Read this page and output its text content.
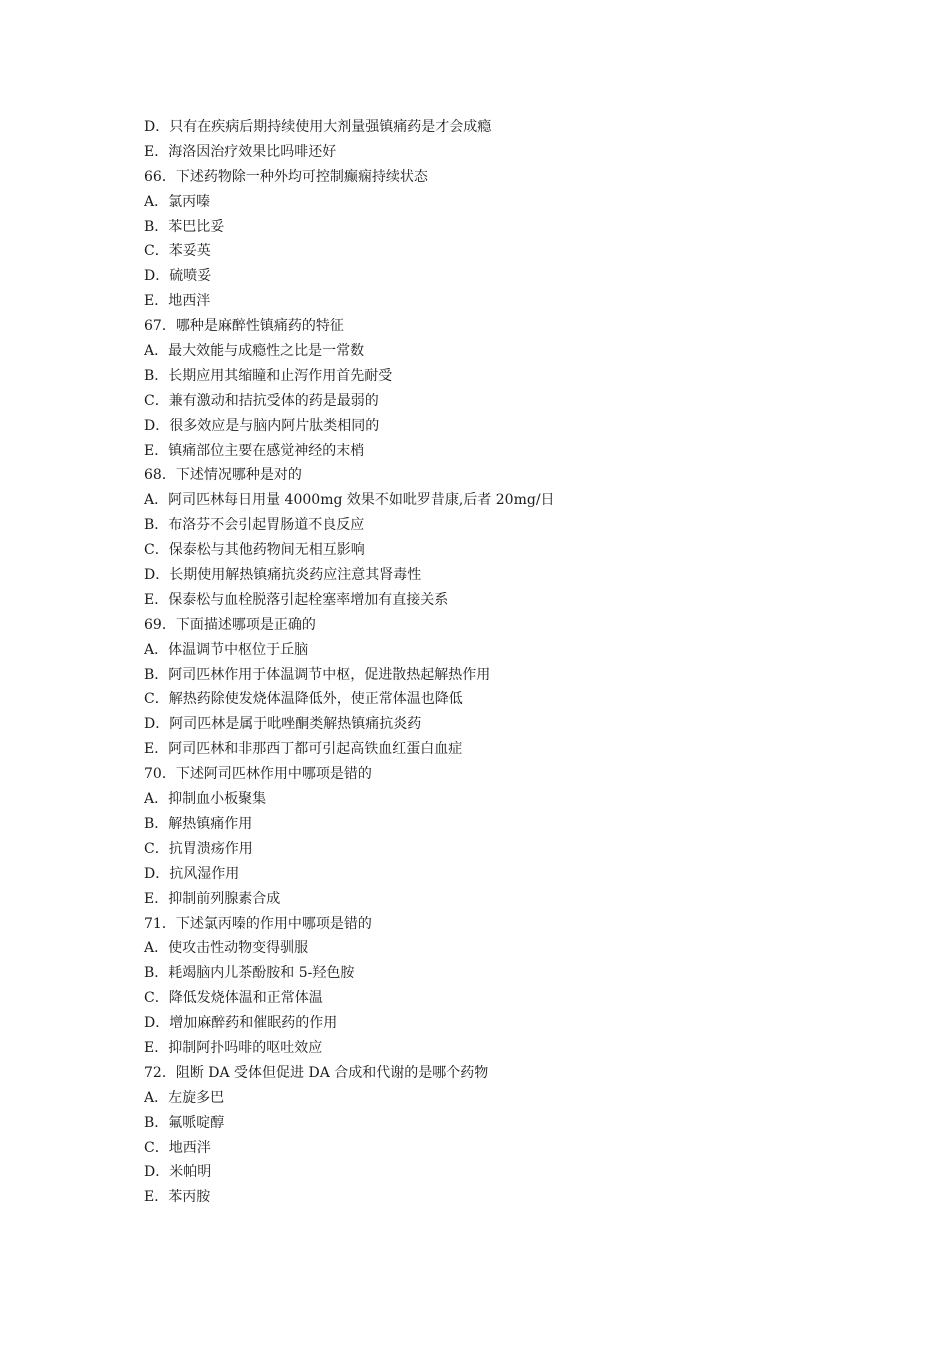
D．只有在疾病后期持续使用大剂量强镇痛药是才会成瘾
E．海洛因治疗效果比吗啡还好
66．下述药物除一种外均可控制癫痫持续状态
A．氯丙嗪
B．苯巴比妥
C．苯妥英
D．硫喷妥
E．地西泮
67．哪种是麻醉性镇痛药的特征
A．最大效能与成瘾性之比是一常数
B．长期应用其缩瞳和止泻作用首先耐受
C．兼有激动和拮抗受体的药是最弱的
D．很多效应是与脑内阿片肽类相同的
E．镇痛部位主要在感觉神经的末梢
68．下述情况哪种是对的
A．阿司匹林每日用量 4000mg 效果不如吡罗昔康,后者 20mg/日
B．布洛芬不会引起胃肠道不良反应
C．保泰松与其他药物间无相互影响
D．长期使用解热镇痛抗炎药应注意其肾毒性
E．保泰松与血栓脱落引起栓塞率增加有直接关系
69．下面描述哪项是正确的
A．体温调节中枢位于丘脑
B．阿司匹林作用于体温调节中枢，促进散热起解热作用
C．解热药除使发烧体温降低外，使正常体温也降低
D．阿司匹林是属于吡唑酮类解热镇痛抗炎药
E．阿司匹林和非那西丁都可引起高铁血红蛋白血症
70．下述阿司匹林作用中哪项是错的
A．抑制血小板聚集
B．解热镇痛作用
C．抗胃溃疡作用
D．抗风湿作用
E．抑制前列腺素合成
71．下述氯丙嗪的作用中哪项是错的
A．使攻击性动物变得驯服
B．耗竭脑内儿茶酚胺和 5-羟色胺
C．降低发烧体温和正常体温
D．增加麻醉药和催眠药的作用
E．抑制阿扑吗啡的呕吐效应
72．阻断 DA 受体但促进 DA 合成和代谢的是哪个药物
A．左旋多巴
B．氟哌啶醇
C．地西泮
D．米帕明
E．苯丙胺
